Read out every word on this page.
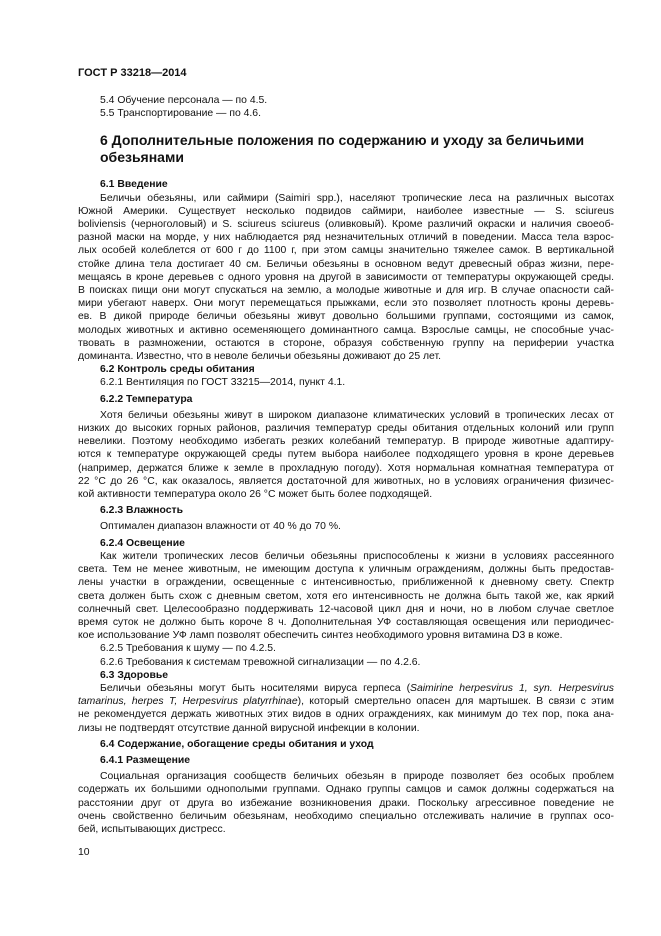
ГОСТ Р 33218—2014
5.4 Обучение персонала — по 4.5.
5.5 Транспортирование — по 4.6.
6 Дополнительные положения по содержанию и уходу за беличьими
обезьянами
6.1 Введение
Беличьи обезьяны, или саймири (Saimiri spp.), населяют тропические леса на различных высотах
Южной Америки. Существует несколько подвидов саймири, наиболее известные — S. sciureus
boliviensis (черноголовый) и S. sciureus sciureus (оливковый). Кроме различий окраски и наличия своеоб-
разной маски на морде, у них наблюдается ряд незначительных отличий в поведении. Масса тела взрос-
лых особей колеблется от 600 г до 1100 г, при этом самцы значительно тяжелее самок. В вертикальной
стойке длина тела достигает 40 см. Беличьи обезьяны в основном ведут древесный образ жизни, пере-
мещаясь в кроне деревьев с одного уровня на другой в зависимости от температуры окружающей среды.
В поисках пищи они могут спускаться на землю, а молодые животные и для игр. В случае опасности сай-
мири убегают наверх. Они могут перемещаться прыжками, если это позволяет плотность кроны деревь-
ев. В дикой природе беличьи обезьяны живут довольно большими группами, состоящими из самок,
молодых животных и активно осеменяющего доминантного самца. Взрослые самцы, не способные учас-
твовать в размножении, остаются в стороне, образуя собственную группу на периферии участка
доминанта. Известно, что в неволе беличьи обезьяны доживают до 25 лет.
6.2 Контроль среды обитания
6.2.1 Вентиляция по ГОСТ 33215—2014, пункт 4.1.
6.2.2 Температура
Хотя беличьи обезьяны живут в широком диапазоне климатических условий в тропических лесах от
низких до высоких горных районов, различия температур среды обитания отдельных колоний или групп
невелики. Поэтому необходимо избегать резких колебаний температур. В природе животные адаптиру-
ются к температуре окружающей среды путем выбора наиболее подходящего уровня в кроне деревьев
(например, держатся ближе к земле в прохладную погоду). Хотя нормальная комнатная температура от
22 °C до 26 °C, как оказалось, является достаточной для животных, но в условиях ограничения физичес-
кой активности температура около 26 °C может быть более подходящей.
6.2.3 Влажность
Оптимален диапазон влажности от 40 % до 70 %.
6.2.4 Освещение
Как жители тропических лесов беличьи обезьяны приспособлены к жизни в условиях рассеянного
света. Тем не менее животным, не имеющим доступа к уличным ограждениям, должны быть предостав-
лены участки в ограждении, освещенные с интенсивностью, приближенной к дневному свету. Спектр
света должен быть схож с дневным светом, хотя его интенсивность не должна быть такой же, как яркий
солнечный свет. Целесообразно поддерживать 12-часовой цикл дня и ночи, но в любом случае светлое
время суток не должно быть короче 8 ч. Дополнительная УФ составляющая освещения или периодичес-
кое использование УФ ламп позволят обеспечить синтез необходимого уровня витамина D3 в коже.
6.2.5 Требования к шуму — по 4.2.5.
6.2.6 Требования к системам тревожной сигнализации — по 4.2.6.
6.3 Здоровье
Беличьи обезьяны могут быть носителями вируса герпеса (Saimirine herpesvirus 1, syn. Herpesvirus
tamarinus, herpes T, Herpesvirus platyrrhinae), который смертельно опасен для мартышек. В связи с этим
не рекомендуется держать животных этих видов в одних ограждениях, как минимум до тех пор, пока ана-
лизы не подтвердят отсутствие данной вирусной инфекции в колонии.
6.4 Содержание, обогащение среды обитания и уход
6.4.1 Размещение
Социальная организация сообществ беличьих обезьян в природе позволяет без особых проблем
содержать их большими однополыми группами. Однако группы самцов и самок должны содержаться на
расстоянии друг от друга во избежание возникновения драки. Поскольку агрессивное поведение не
очень свойственно беличьим обезьянам, необходимо специально отслеживать наличие в группах осо-
бей, испытывающих дистресс.
10
